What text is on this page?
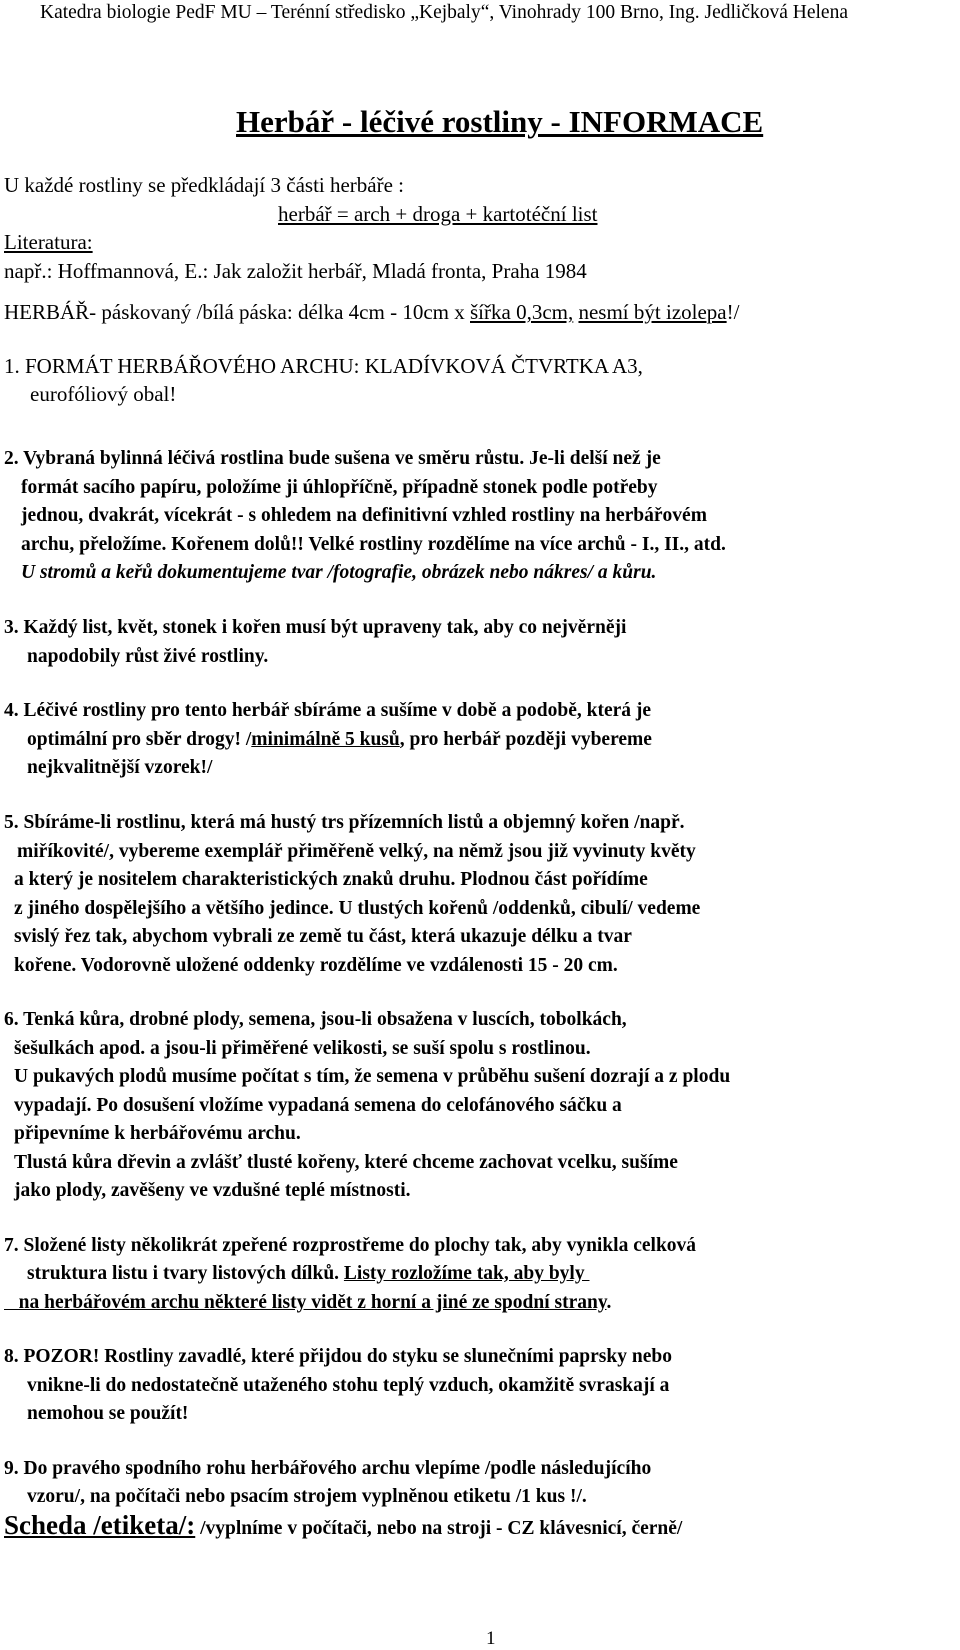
Katedra biologie PedF MU – Terénní středisko „Kejbaly“, Vinohrady 100 Brno, Ing. Jedličková Helena
Herbář - léčivé rostliny - INFORMACE
U každé rostliny se předkládají 3 části herbáře :
herbář = arch + droga + kartotéční list
Literatura:
např.: Hoffmannová, E.: Jak založit herbář, Mladá fronta, Praha 1984
HERBÁŘ- páskovaný /bílá páska: délka 4cm - 10cm x šířka 0,3cm, nesmí být izolepa!/
1. FORMÁT HERBÁŘOVÉHO ARCHU: KLADÍVKOVÁ ČTVRTKA A3,
eurofóliový obal!
2. Vybraná bylinná léčivá rostlina bude sušena ve směru růstu. Je-li delší než je
formát sacího papíru, položíme ji úhlopříčně, případně stonek podle potřeby
jednou, dvakrát, vícekrát - s ohledem na definitivní vzhled rostliny na herbářovém
archu, přeložíme. Kořenem dolů!! Velké rostliny rozdělíme na více archů - I., II., atd.
U stromů a keřů dokumentujeme tvar /fotografie, obrázek nebo nákres/ a kůru.
3. Každý list, květ, stonek i kořen musí být upraveny tak, aby co nejvěrněji
napodobily růst živé rostliny.
4. Léčivé rostliny pro tento herbář sbíráme a sušíme v době a podobě, která je
optimální pro sběr drogy! /minimálně 5 kusů, pro herbář později vybereme
nejkvalitnější vzorek!/
5. Sbíráme-li rostlinu, která má hustý trs přízemních listů a objemný kořen /např.
miříkovité/, vybereme exemplář přiměřeně velký, na němž jsou již vyvinuty květy
a který je nositelem charakteristických znaků druhu. Plodnou část pořídíme
z jiného dospělejšího a většího jedince. U tlustých kořenů /oddenků, cibulí/ vedeme
svislý řez tak, abychom vybrali ze země tu část, která ukazuje délku a tvar
kořene. Vodorovně uložené oddenky rozdělíme ve vzdálenosti 15 - 20 cm.
6. Tenká kůra, drobné plody, semena, jsou-li obsažena v luscích, tobolkách,
šešulkách apod. a jsou-li přiměřené velikosti, se suší spolu s rostlinou.
U pukavých plodů musíme počítat s tím, že semena v průběhu sušení dozrají a z plodu
vypadají. Po dosušení vložíme vypadaná semena do celofánového sáčku a
připevníme k herbářovému archu.
Tlustá kůra dřevin a zvlášť tlusté kořeny, které chceme zachovat vcelku, sušíme
jako plody, zavěšeny ve vzdušné teplé místnosti.
7. Složené listy několikrát zpeřené rozprostřeme do plochy tak, aby vynikla celková
struktura listu i tvary listových dílků. Listy rozložíme tak, aby byly
na herbářovém archu některé listy vidět z horní a jiné ze spodní strany.
8. POZOR! Rostliny zavadlé, které přijdou do styku se slunečními paprsky nebo
vnikne-li do nedostatečně utaženého stohu teplý vzduch, okamžitě svraskají a
nemohou se použít!
9. Do pravého spodního rohu herbářového archu vlepíme /podle následujícího
vzoru/, na počítači nebo psacím strojem vyplněnou etiketu /1 kus !/.
Scheda /etiketa/: /vyplníme v počítači, nebo na stroji - CZ klávesnicí, černě/
1
